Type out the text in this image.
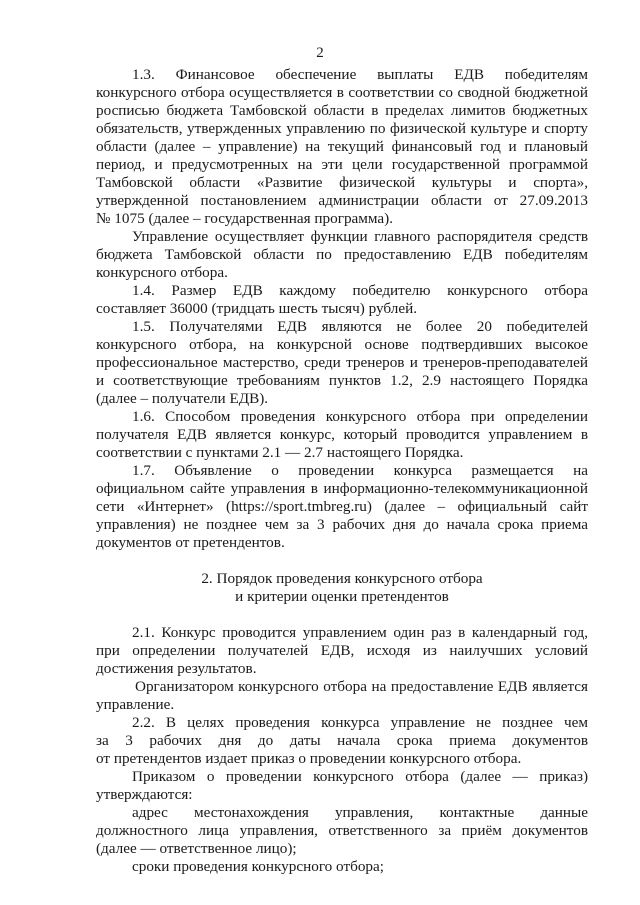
2
1.3. Финансовое обеспечение выплаты ЕДВ победителям
конкурсного отбора осуществляется в соответствии со сводной бюджетной
росписью бюджета Тамбовской области в пределах лимитов бюджетных
обязательств, утвержденных управлению по физической культуре и спорту
области (далее – управление) на текущий финансовый год и плановый
период, и предусмотренных на эти цели государственной программой
Тамбовской области «Развитие физической культуры и спорта»,
утвержденной постановлением администрации области от 27.09.2013
№ 1075 (далее – государственная программа).
Управление осуществляет функции главного распорядителя средств
бюджета Тамбовской области по предоставлению ЕДВ победителям
конкурсного отбора.
1.4. Размер ЕДВ каждому победителю конкурсного отбора
составляет 36000 (тридцать шесть тысяч) рублей.
1.5. Получателями ЕДВ являются не более 20 победителей
конкурсного отбора, на конкурсной основе подтвердивших высокое
профессиональное мастерство, среди тренеров и тренеров-преподавателей
и соответствующие требованиям пунктов 1.2, 2.9 настоящего Порядка
(далее – получатели ЕДВ).
1.6. Способом проведения конкурсного отбора при определении
получателя ЕДВ является конкурс, который проводится управлением в
соответствии с пунктами 2.1 — 2.7 настоящего Порядка.
1.7. Объявление о проведении конкурса размещается на
официальном сайте управления в информационно-телекоммуникационной
сети «Интернет» (https://sport.tmbreg.ru) (далее – официальный сайт
управления) не позднее чем за 3 рабочих дня до начала срока приема
документов от претендентов.
2. Порядок проведения конкурсного отбора
и критерии оценки претендентов
2.1. Конкурс проводится управлением один раз в календарный год,
при определении получателей ЕДВ, исходя из наилучших условий
достижения результатов.
Организатором конкурсного отбора на предоставление ЕДВ является
управление.
2.2. В целях проведения конкурса управление не позднее чем
за 3 рабочих дня до даты начала срока приема документов
от претендентов издает приказ о проведении конкурсного отбора.
Приказом о проведении конкурсного отбора (далее — приказ)
утверждаются:
адрес местонахождения управления, контактные данные
должностного лица управления, ответственного за приём документов
(далее — ответственное лицо);
сроки проведения конкурсного отбора;
